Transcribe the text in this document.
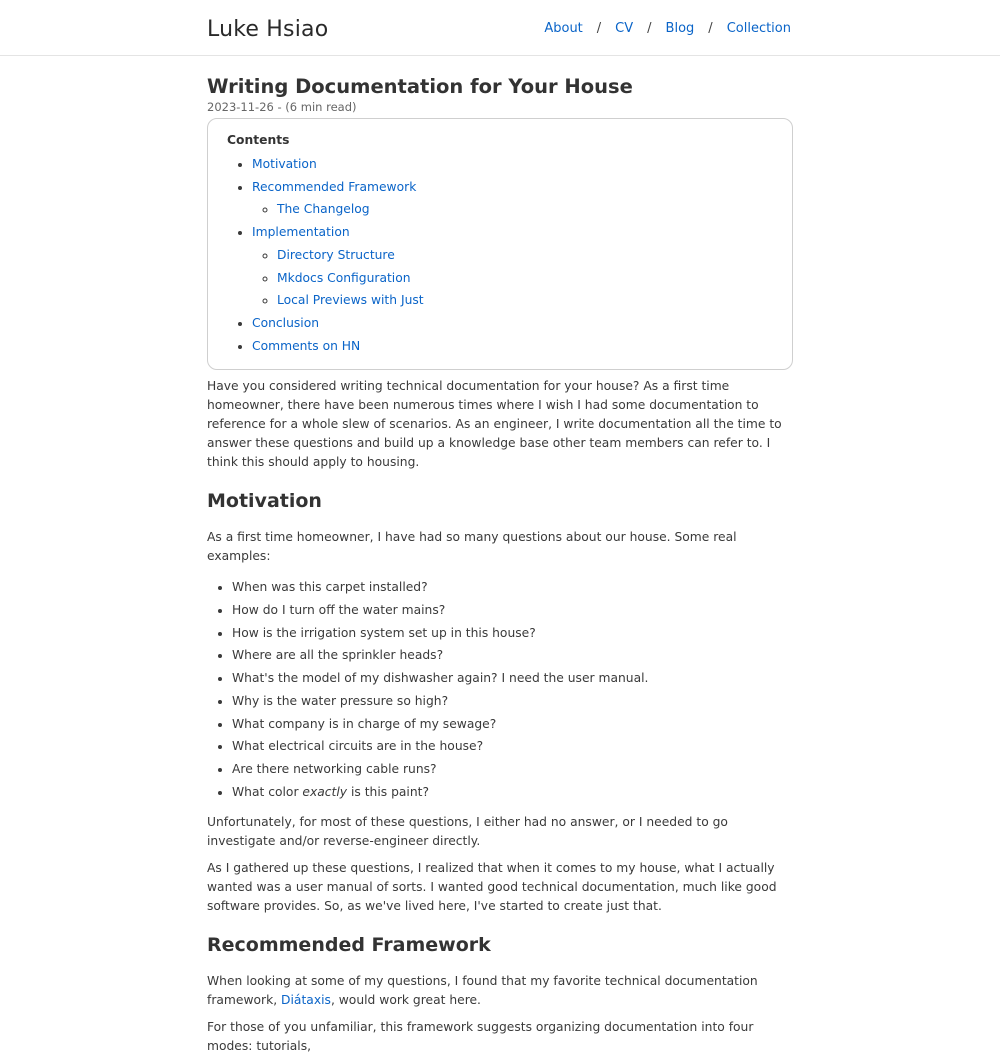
Luke Hsiao	About / CV / Blog / Collection
Writing Documentation for Your House
2023-11-26 - (6 min read)
Contents
• Motivation
• Recommended Framework
◦ The Changelog
• Implementation
◦ Directory Structure
◦ Mkdocs Configuration
◦ Local Previews with Just
• Conclusion
• Comments on HN

Have you considered writing technical documentation for your house? As a first time homeowner, there have been numerous times where I wish I had some documentation to reference for a whole slew of scenarios. As an engineer, I write documentation all the time to answer these questions and build up a knowledge base other team members can refer to. I think this should apply to housing.

Motivation

As a first time homeowner, I have had so many questions about our house. Some real examples:

• When was this carpet installed?
• How do I turn off the water mains?
• How is the irrigation system set up in this house?
• Where are all the sprinkler heads?
• What's the model of my dishwasher again? I need the user manual.
• Why is the water pressure so high?
• What company is in charge of my sewage?
• What electrical circuits are in the house?
• Are there networking cable runs?
• What color exactly is this paint?

Unfortunately, for most of these questions, I either had no answer, or I needed to go investigate and/or reverse-engineer directly.

As I gathered up these questions, I realized that when it comes to my house, what I actually wanted was a user manual of sorts. I wanted good technical documentation, much like good software provides. So, as we've lived here, I've started to create just that.

Recommended Framework

When looking at some of my questions, I found that my favorite technical documentation framework, Diátaxis, would work great here.

For those of you unfamiliar, this framework suggests organizing documentation into four modes: tutorials,
